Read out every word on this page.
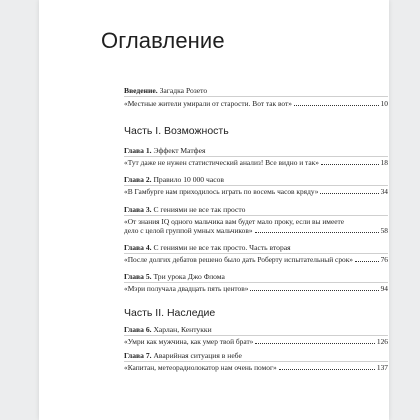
Оглавление
Введение. Загадка Розето
«Местные жители умирали от старости. Вот так вот»	10
Часть I. Возможность
Глава 1. Эффект Матфея
«Тут даже не нужен статистический анализ! Все видно и так»	18
Глава 2. Правило 10 000 часов
«В Гамбурге нам приходилось играть по восемь часов кряду»	34
Глава 3. С гениями не все так просто
«От знания IQ одного мальчика вам будет мало проку, если вы имеете
дело с целой группой умных мальчиков»	58
Глава 4. С гениями не все так просто. Часть вторая
«После долгих дебатов решено было дать Роберту испытательный срок»	76
Глава 5. Три урока Джо Флома
«Мэри получала двадцать пять центов»	94
Часть II. Наследие
Глава 6. Харлан, Кентукки
«Умри как мужчина, как умер твой брат»	126
Глава 7. Аварийная ситуация в небе
«Капитан, метеорадиолокатор нам очень помог»	137
